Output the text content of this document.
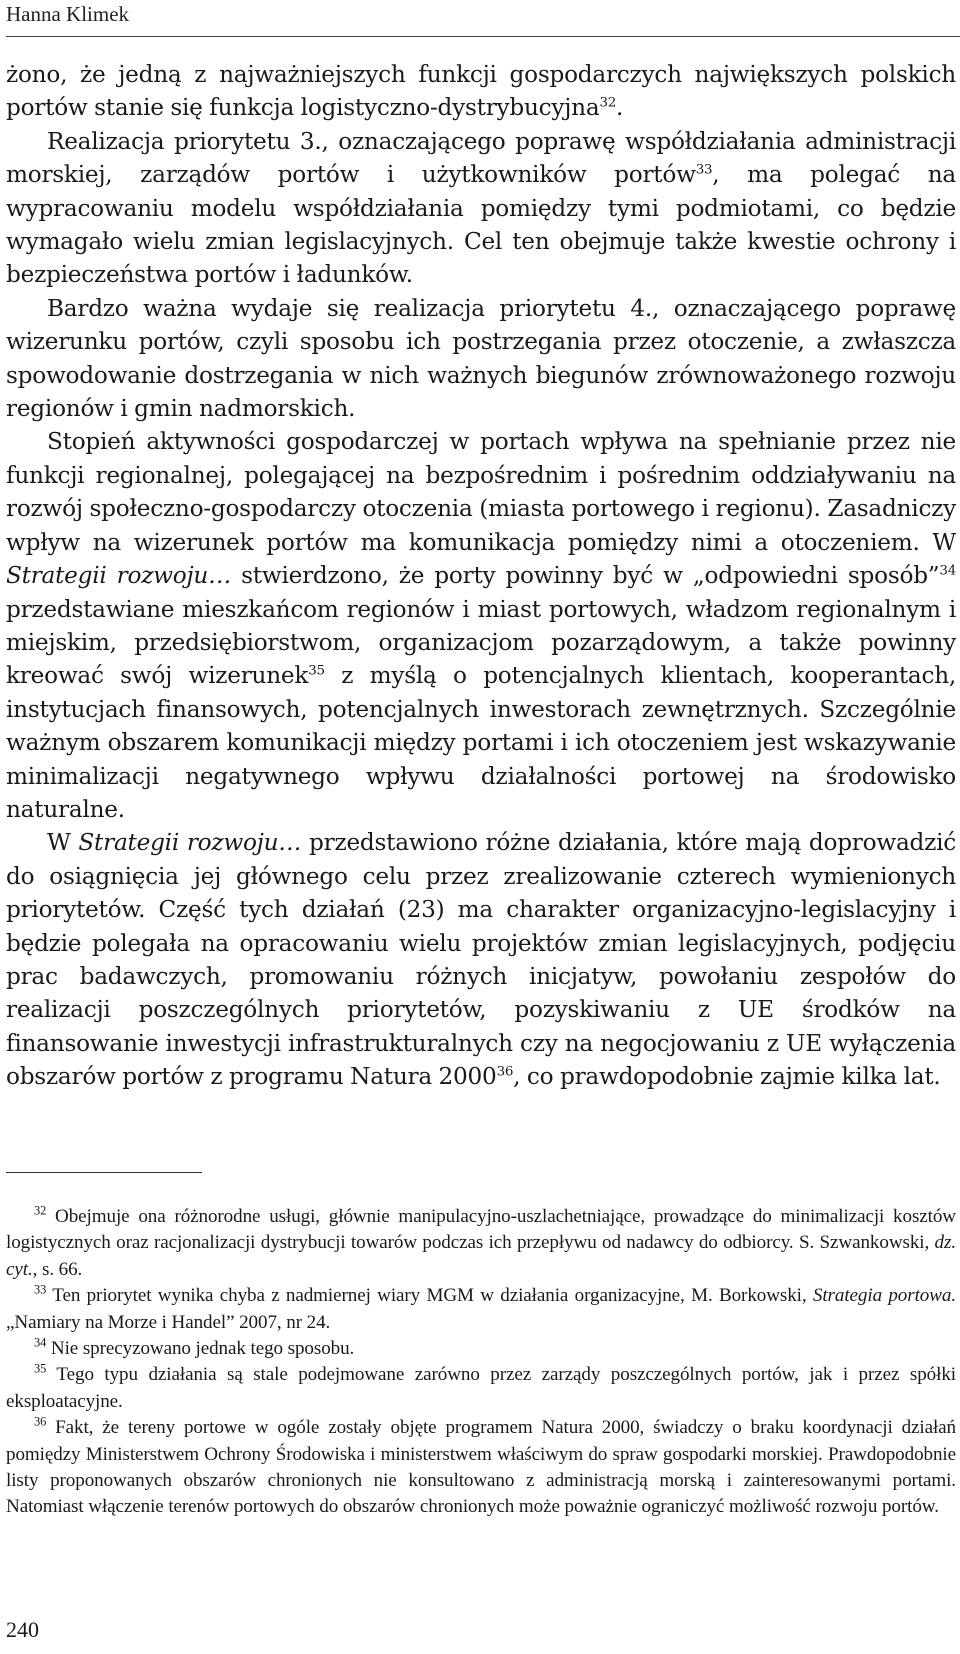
Hanna Klimek

żono, że jedną z najważniejszych funkcji gospodarczych największych polskich portów stanie się funkcja logistyczno-dystrybucyjna$^{32}$.

Realizacja priorytetu 3., oznaczającego poprawę współdziałania administracji morskiej, zarządów portów i użytkowników portów$^{33}$, ma polegać na wypracowaniu modelu współdziałania pomiędzy tymi podmiotami, co będzie wymagało wielu zmian legislacyjnych. Cel ten obejmuje także kwestie ochrony i bezpieczeństwa portów i ładunków.

Bardzo ważna wydaje się realizacja priorytetu 4., oznaczającego poprawę wizerunku portów, czyli sposobu ich postrzegania przez otoczenie, a zwłaszcza spowodowanie dostrzegania w nich ważnych biegunów zrównoważonego rozwoju regionów i gmin nadmorskich.

Stopień aktywności gospodarczej w portach wpływa na spełnianie przez nie funkcji regionalnej, polegającej na bezpośrednim i pośrednim oddziaływaniu na rozwój społeczno-gospodarczy otoczenia (miasta portowego i regionu). Zasadniczy wpływ na wizerunek portów ma komunikacja pomiędzy nimi a otoczeniem. W Strategii rozwoju… stwierdzono, że porty powinny być w „odpowiedni sposób”$^{34}$ przedstawiane mieszkańcom regionów i miast portowych, władzom regionalnym i miejskim, przedsiębiorstwom, organizacjom pozarządowym, a także powinny kreować swój wizerunek$^{35}$ z myślą o potencjalnych klientach, kooperantach, instytucjach finansowych, potencjalnych inwestorach zewnętrznych. Szczególnie ważnym obszarem komunikacji między portami i ich otoczeniem jest wskazywanie minimalizacji negatywnego wpływu działalności portowej na środowisko naturalne.

W Strategii rozwoju… przedstawiono różne działania, które mają doprowadzić do osiągnięcia jej głównego celu przez zrealizowanie czterech wymienionych priorytetów. Część tych działań (23) ma charakter organizacyjno-legislacyjny i będzie polegała na opracowaniu wielu projektów zmian legislacyjnych, podjęciu prac badawczych, promowaniu różnych inicjatyw, powołaniu zespołów do realizacji poszczególnych priorytetów, pozyskiwaniu z UE środków na finansowanie inwestycji infrastrukturalnych czy na negocjowaniu z UE wyłączenia obszarów portów z programu Natura 2000$^{36}$, co prawdopodobnie zajmie kilka lat.

$^{32}$ Obejmuje ona różnorodne usługi, głównie manipulacyjno-uszlachetniające, prowadzące do minimalizacji kosztów logistycznych oraz racjonalizacji dystrybucji towarów podczas ich przepływu od nadawcy do odbiorcy. S. Szwankowski, dz. cyt., s. 66.

$^{33}$ Ten priorytet wynika chyba z nadmiernej wiary MGM w działania organizacyjne, M. Borkowski, Strategia portowa. „Namiary na Morze i Handel” 2007, nr 24.

$^{34}$ Nie sprecyzowano jednak tego sposobu.

$^{35}$ Tego typu działania są stale podejmowane zarówno przez zarządy poszczególnych portów, jak i przez spółki eksploatacyjne.

$^{36}$ Fakt, że tereny portowe w ogóle zostały objęte programem Natura 2000, świadczy o braku koordynacji działań pomiędzy Ministerstwem Ochrony Środowiska i ministerstwem właściwym do spraw gospodarki morskiej. Prawdopodobnie listy proponowanych obszarów chronionych nie konsultowano z administracją morską i zainteresowanymi portami. Natomiast włączenie terenów portowych do obszarów chronionych może poważnie ograniczyć możliwość rozwoju portów.

240
